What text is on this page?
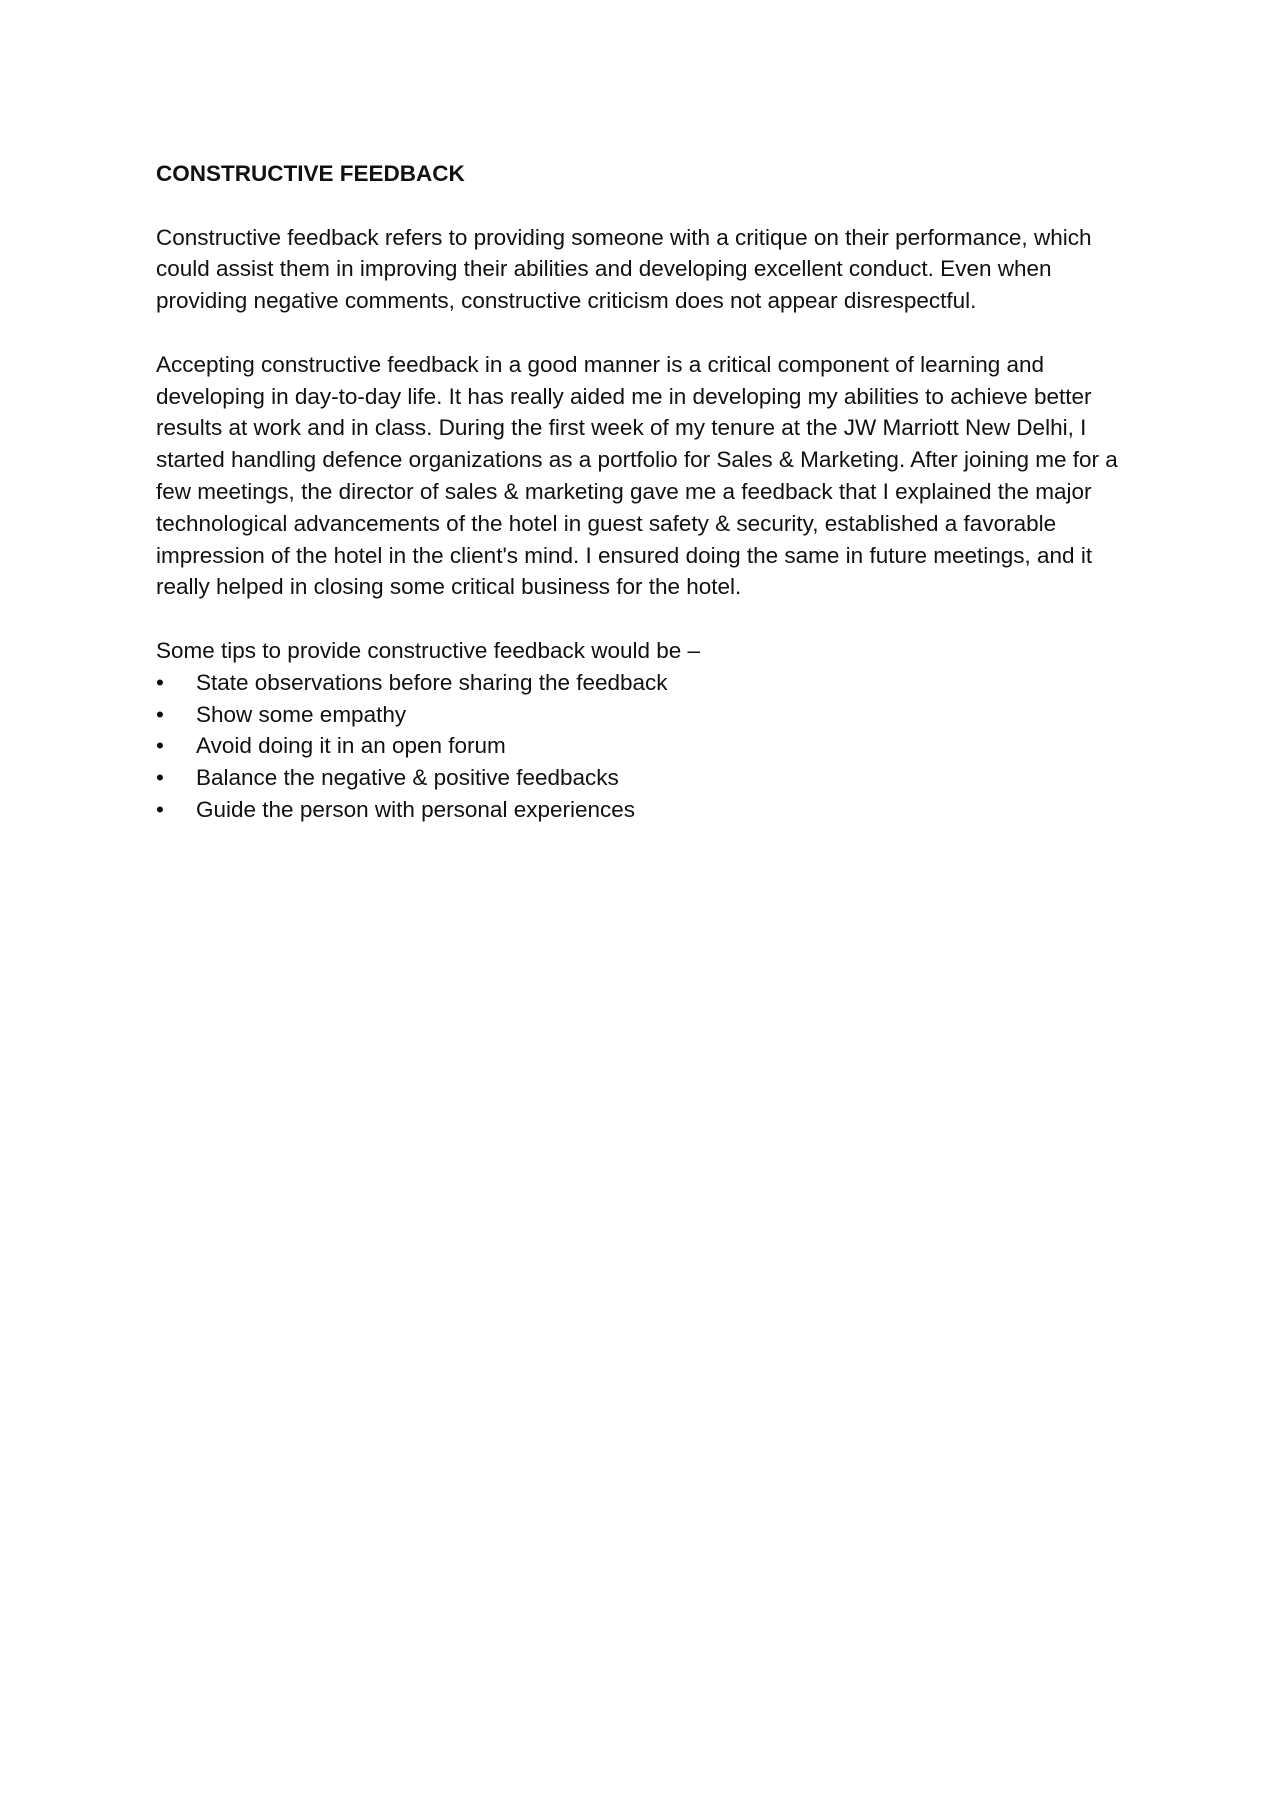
CONSTRUCTIVE FEEDBACK

Constructive feedback refers to providing someone with a critique on their performance, which could assist them in improving their abilities and developing excellent conduct. Even when providing negative comments, constructive criticism does not appear disrespectful.

Accepting constructive feedback in a good manner is a critical component of learning and developing in day-to-day life. It has really aided me in developing my abilities to achieve better results at work and in class. During the first week of my tenure at the JW Marriott New Delhi, I started handling defence organizations as a portfolio for Sales & Marketing. After joining me for a few meetings, the director of sales & marketing gave me a feedback that I explained the major technological advancements of the hotel in guest safety & security, established a favorable impression of the hotel in the client's mind. I ensured doing the same in future meetings, and it really helped in closing some critical business for the hotel.

Some tips to provide constructive feedback would be –

•	State observations before sharing the feedback
•	Show some empathy
•	Avoid doing it in an open forum
•	Balance the negative & positive feedbacks
•	Guide the person with personal experiences
